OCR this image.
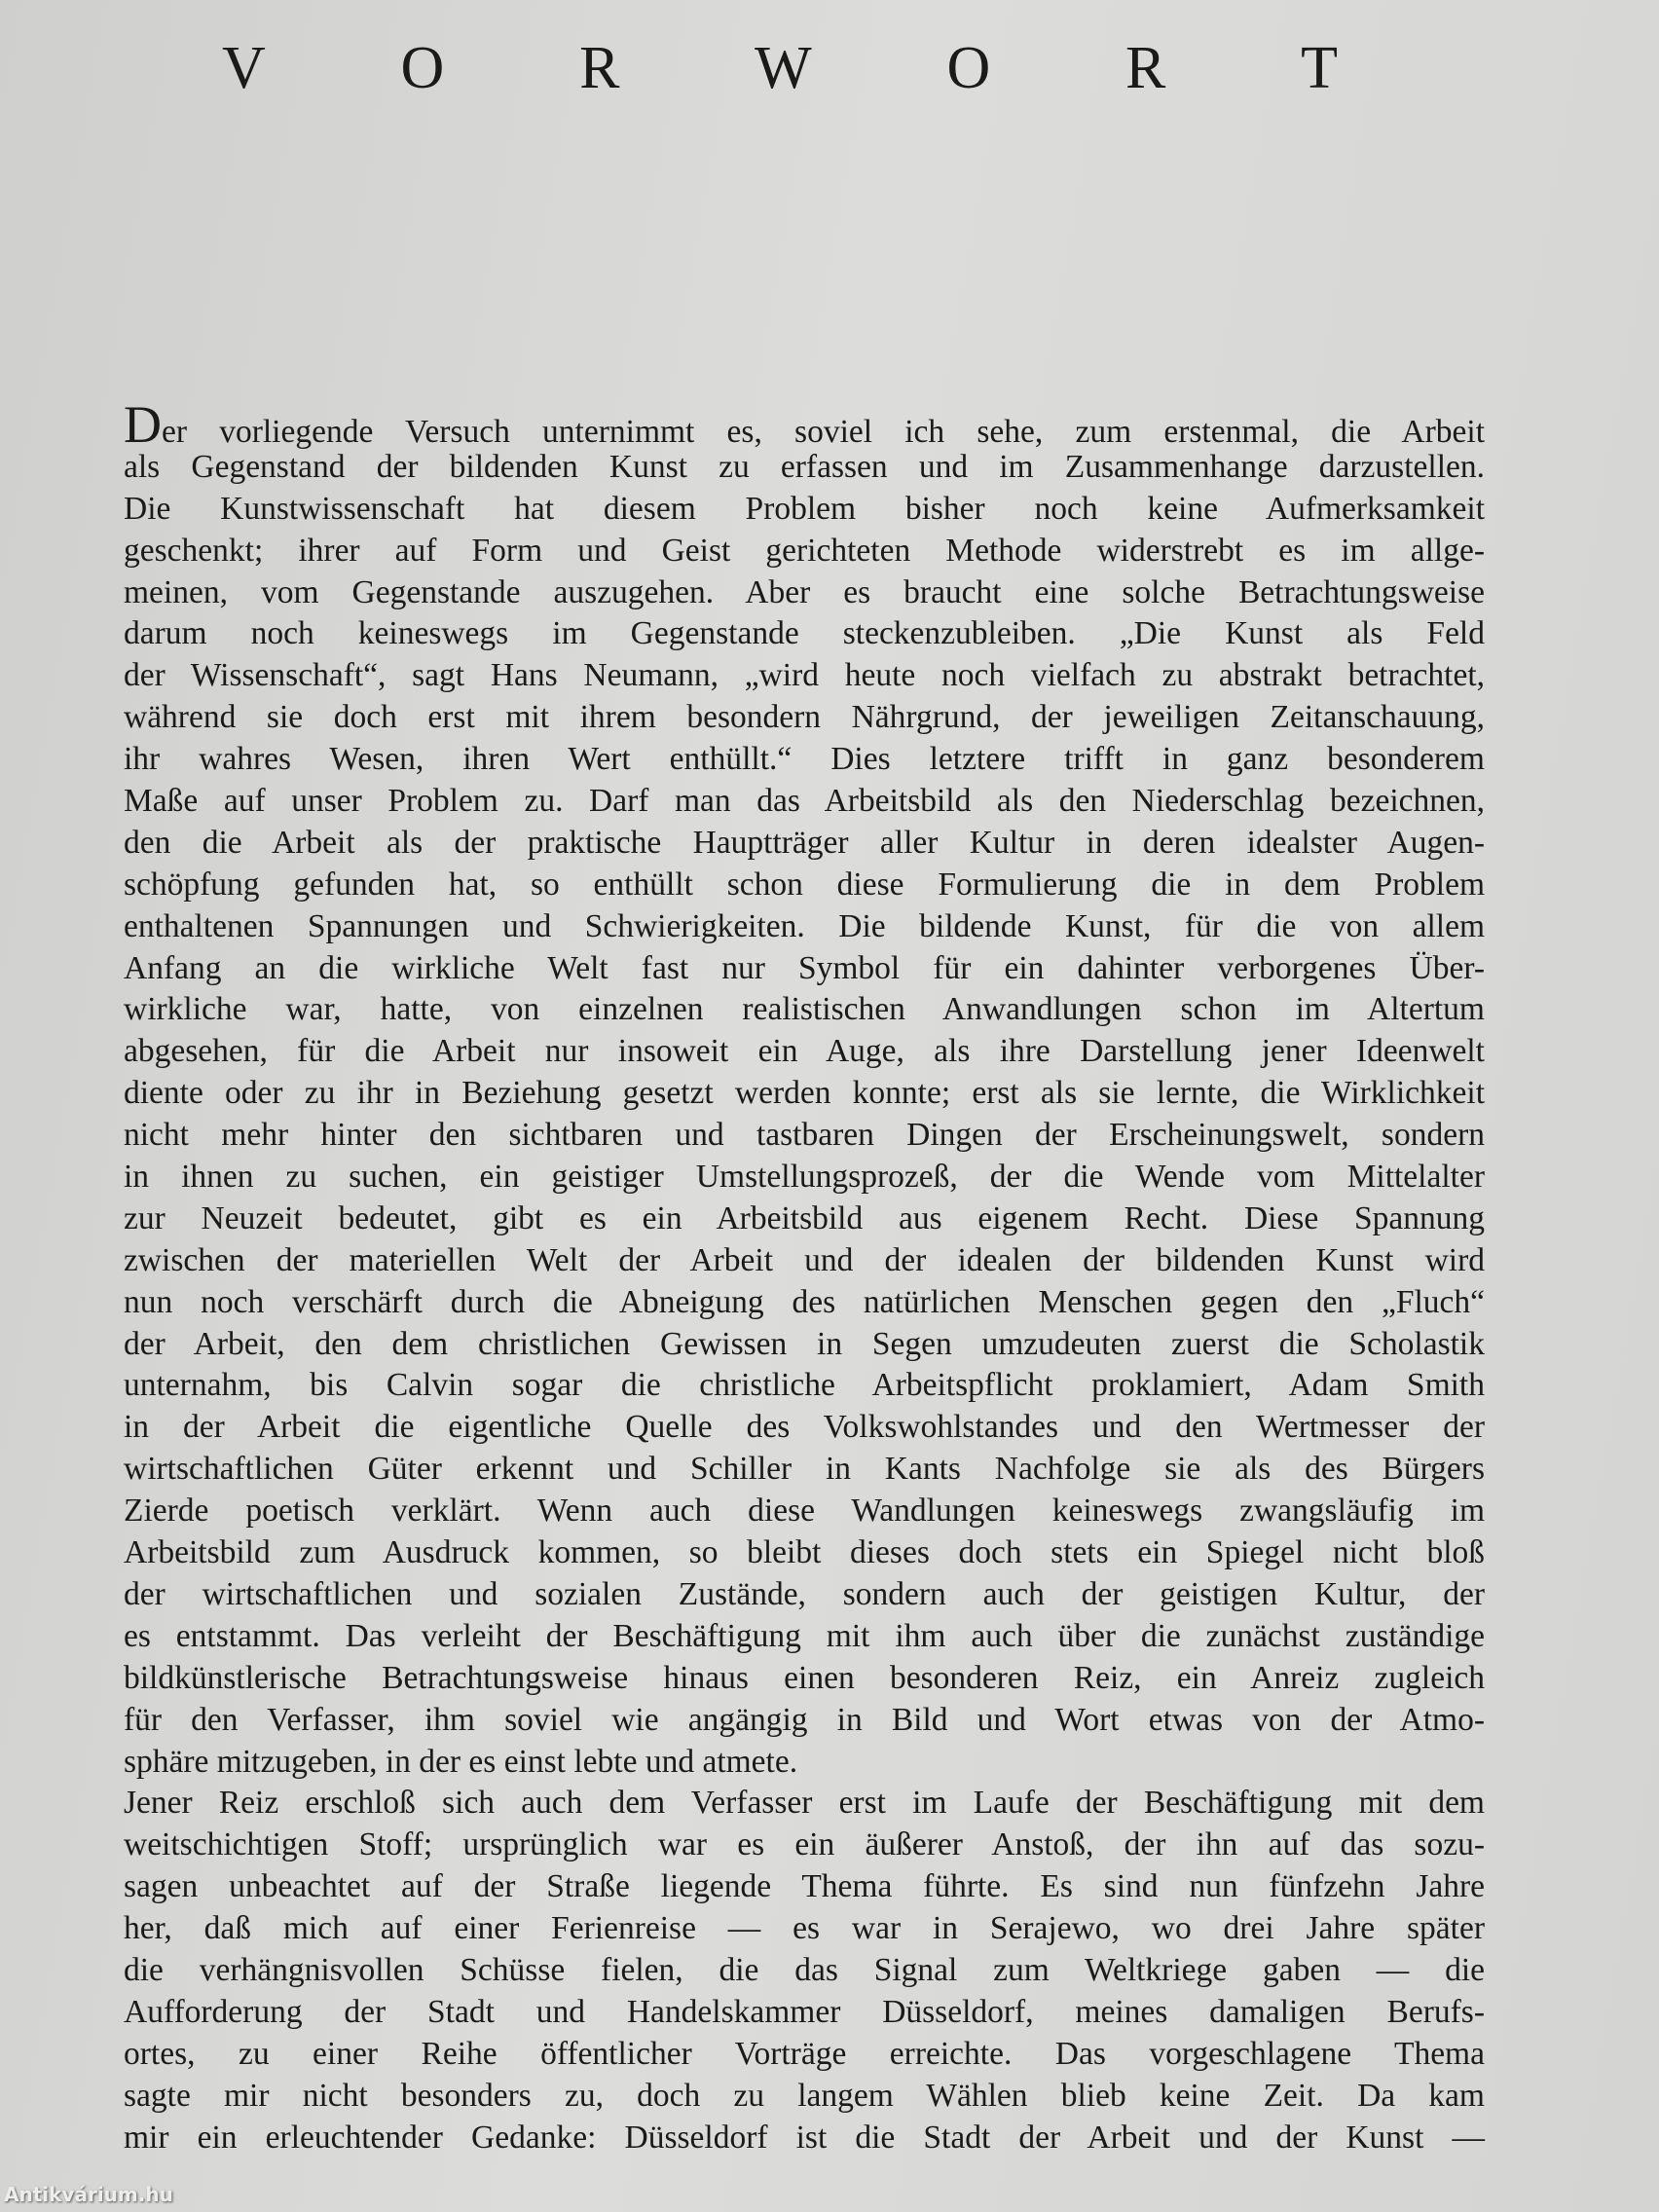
V O R W O R T
Der vorliegende Versuch unternimmt es, soviel ich sehe, zum erstenmal, die Arbeit
als Gegenstand der bildenden Kunst zu erfassen und im Zusammenhange darzustellen.
Die Kunstwissenschaft hat diesem Problem bisher noch keine Aufmerksamkeit
geschenkt; ihrer auf Form und Geist gerichteten Methode widerstrebt es im allge-
meinen, vom Gegenstande auszugehen. Aber es braucht eine solche Betrachtungsweise
darum noch keineswegs im Gegenstande steckenzubleiben. „Die Kunst als Feld
der Wissenschaft“, sagt Hans Neumann, „wird heute noch vielfach zu abstrakt betrachtet,
während sie doch erst mit ihrem besondern Nährgrund, der jeweiligen Zeitanschauung,
ihr wahres Wesen, ihren Wert enthüllt.“ Dies letztere trifft in ganz besonderem
Maße auf unser Problem zu. Darf man das Arbeitsbild als den Niederschlag bezeichnen,
den die Arbeit als der praktische Hauptträger aller Kultur in deren idealster Augen-
schöpfung gefunden hat, so enthüllt schon diese Formulierung die in dem Problem
enthaltenen Spannungen und Schwierigkeiten. Die bildende Kunst, für die von allem
Anfang an die wirkliche Welt fast nur Symbol für ein dahinter verborgenes Über-
wirkliche war, hatte, von einzelnen realistischen Anwandlungen schon im Altertum
abgesehen, für die Arbeit nur insoweit ein Auge, als ihre Darstellung jener Ideenwelt
diente oder zu ihr in Beziehung gesetzt werden konnte; erst als sie lernte, die Wirklichkeit
nicht mehr hinter den sichtbaren und tastbaren Dingen der Erscheinungswelt, sondern
in ihnen zu suchen, ein geistiger Umstellungsprozeß, der die Wende vom Mittelalter
zur Neuzeit bedeutet, gibt es ein Arbeitsbild aus eigenem Recht. Diese Spannung
zwischen der materiellen Welt der Arbeit und der idealen der bildenden Kunst wird
nun noch verschärft durch die Abneigung des natürlichen Menschen gegen den „Fluch“
der Arbeit, den dem christlichen Gewissen in Segen umzudeuten zuerst die Scholastik
unternahm, bis Calvin sogar die christliche Arbeitspflicht proklamiert, Adam Smith
in der Arbeit die eigentliche Quelle des Volkswohlstandes und den Wertmesser der
wirtschaftlichen Güter erkennt und Schiller in Kants Nachfolge sie als des Bürgers
Zierde poetisch verklärt. Wenn auch diese Wandlungen keineswegs zwangsläufig im
Arbeitsbild zum Ausdruck kommen, so bleibt dieses doch stets ein Spiegel nicht bloß
der wirtschaftlichen und sozialen Zustände, sondern auch der geistigen Kultur, der
es entstammt. Das verleiht der Beschäftigung mit ihm auch über die zunächst zuständige
bildkünstlerische Betrachtungsweise hinaus einen besonderen Reiz, ein Anreiz zugleich
für den Verfasser, ihm soviel wie angängig in Bild und Wort etwas von der Atmo-
sphäre mitzugeben, in der es einst lebte und atmete.
Jener Reiz erschloß sich auch dem Verfasser erst im Laufe der Beschäftigung mit dem
weitschichtigen Stoff; ursprünglich war es ein äußerer Anstoß, der ihn auf das sozu-
sagen unbeachtet auf der Straße liegende Thema führte. Es sind nun fünfzehn Jahre
her, daß mich auf einer Ferienreise — es war in Serajewo, wo drei Jahre später
die verhängnisvollen Schüsse fielen, die das Signal zum Weltkriege gaben — die
Aufforderung der Stadt und Handelskammer Düsseldorf, meines damaligen Berufs-
ortes, zu einer Reihe öffentlicher Vorträge erreichte. Das vorgeschlagene Thema
sagte mir nicht besonders zu, doch zu langem Wählen blieb keine Zeit. Da kam
mir ein erleuchtender Gedanke: Düsseldorf ist die Stadt der Arbeit und der Kunst —
Antikvárium.hu
